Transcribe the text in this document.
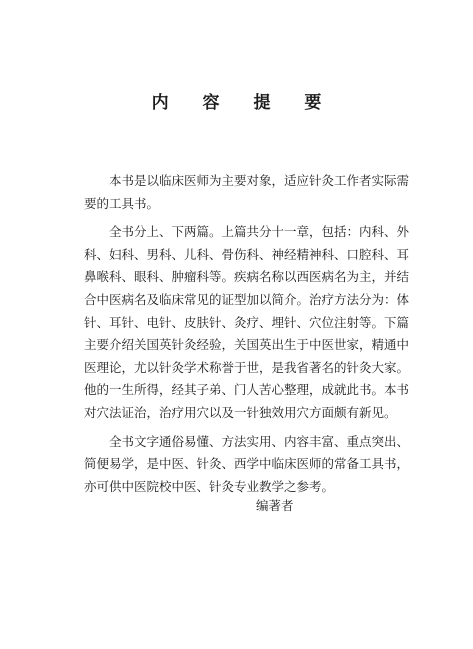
内 容 提 要
本书是以临床医师为主要对象，适应针灸工作者实际需
要的工具书。
全书分上、下两篇。上篇共分十一章，包括：内科、外
科、妇科、男科、儿科、骨伤科、神经精神科、口腔科、耳
鼻喉科、眼科、肿瘤科等。疾病名称以西医病名为主，并结
合中医病名及临床常见的证型加以简介。治疗方法分为：体
针、耳针、电针、皮肤针、灸疗、埋针、穴位注射等。下篇
主要介绍关国英针灸经验，关国英出生于中医世家，精通中
医理论，尤以针灸学术称誉于世，是我省著名的针灸大家。
他的一生所得，经其子弟、门人苦心整理，成就此书。本书
对穴法证治，治疗用穴以及一针独效用穴方面颇有新见。
全书文字通俗易懂、方法实用、内容丰富、重点突出、
简便易学，是中医、针灸、西学中临床医师的常备工具书，
亦可供中医院校中医、针灸专业教学之参考。
编著者
